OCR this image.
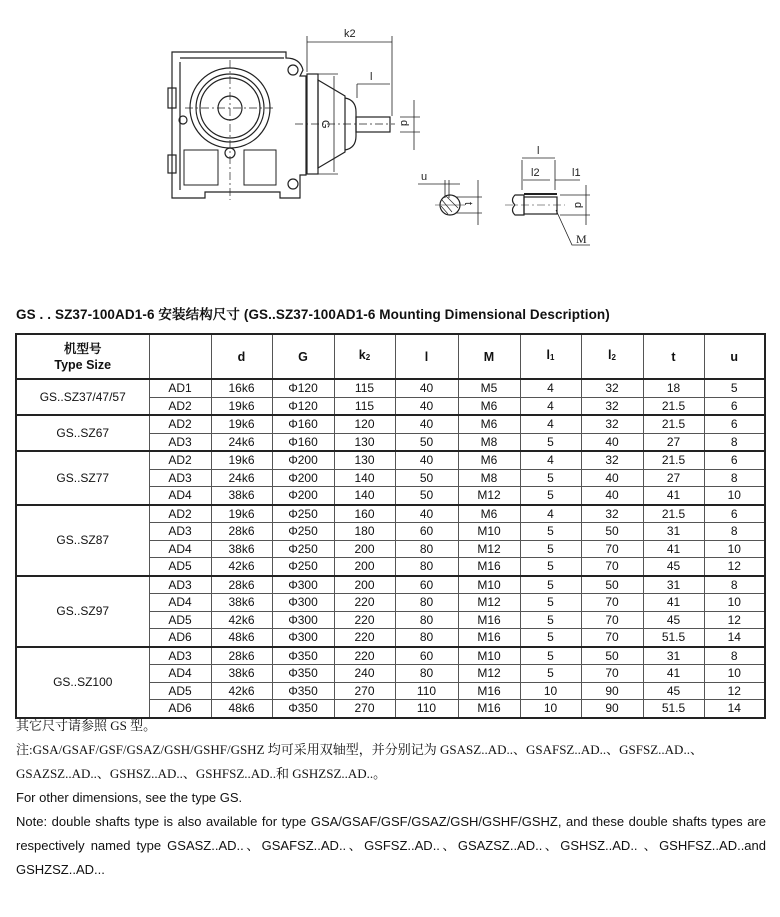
k2
l
G	d
u
t
l
l2	l1
d
M
GS . . SZ37-100AD1-6 安装结构尺寸 (GS..SZ37-100AD1-6 Mounting Dimensional Description)
机型号
Type Size		d	G	$k_2$	l	M	$l_1$	$l_2$	t	u
GS..SZ37/47/57	AD1	16k6	Φ120	115	40	M5	4	32	18	5
	AD2	19k6	Φ120	115	40	M6	4	32	21.5	6
GS..SZ67	AD2	19k6	Φ160	120	40	M6	4	32	21.5	6
	AD3	24k6	Φ160	130	50	M8	5	40	27	8
GS..SZ77	AD2	19k6	Φ200	130	40	M6	4	32	21.5	6
	AD3	24k6	Φ200	140	50	M8	5	40	27	8
	AD4	38k6	Φ200	140	50	M12	5	40	41	10
GS..SZ87	AD2	19k6	Φ250	160	40	M6	4	32	21.5	6
	AD3	28k6	Φ250	180	60	M10	5	50	31	8
	AD4	38k6	Φ250	200	80	M12	5	70	41	10
	AD5	42k6	Φ250	200	80	M16	5	70	45	12
GS..SZ97	AD3	28k6	Φ300	200	60	M10	5	50	31	8
	AD4	38k6	Φ300	220	80	M12	5	70	41	10
	AD5	42k6	Φ300	220	80	M16	5	70	45	12
	AD6	48k6	Φ300	220	80	M16	5	70	51.5	14
GS..SZ100	AD3	28k6	Φ350	220	60	M10	5	50	31	8
	AD4	38k6	Φ350	240	80	M12	5	70	41	10
	AD5	42k6	Φ350	270	110	M16	10	90	45	12
	AD6	48k6	Φ350	270	110	M16	10	90	51.5	14
其它尺寸请参照 GS 型。
注:GSA/GSAF/GSF/GSAZ/GSH/GSHF/GSHZ 均可采用双轴型，并分别记为 GSASZ..AD..、GSAFSZ..AD..、GSFSZ..AD..、GSAZSZ..AD..、GSHSZ..AD..、GSHFSZ..AD..和 GSHZSZ..AD..。
For other dimensions, see the type GS.
Note: double shafts type is also available for type GSA/GSAF/GSF/GSAZ/GSH/GSHF/GSHZ, and these double shafts types are respectively named type GSASZ..AD..、GSAFSZ..AD..、GSFSZ..AD..、GSAZSZ..AD..、GSHSZ..AD.. 、GSHFSZ..AD..and GSHZSZ..AD...
